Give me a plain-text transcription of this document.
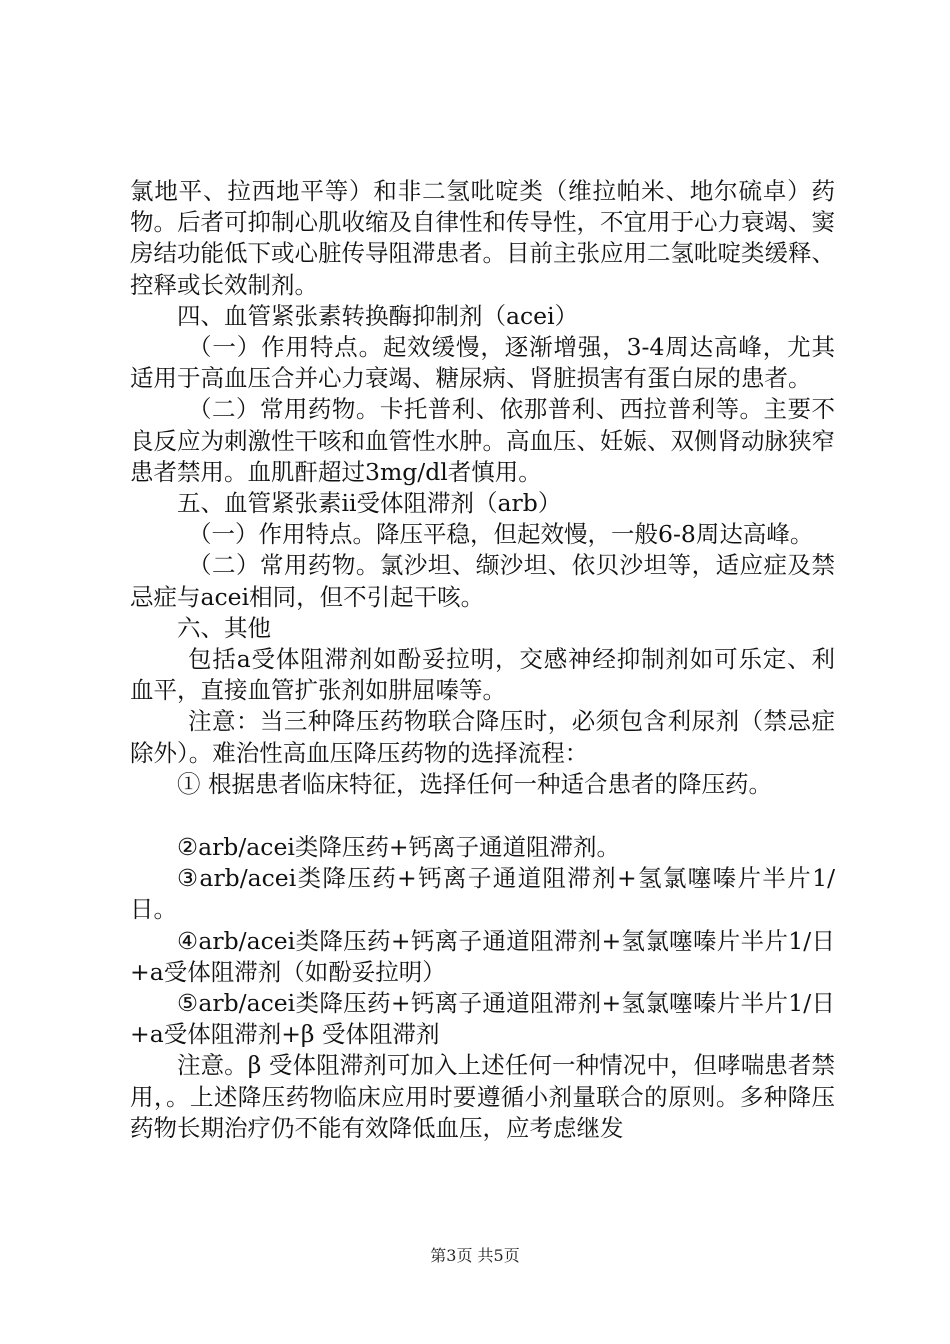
氯地平、拉西地平等）和非二氢吡啶类（维拉帕米、地尔硫卓）药物。后者可抑制心肌收缩及自律性和传导性，不宜用于心力衰竭、窦房结功能低下或心脏传导阻滞患者。目前主张应用二氢吡啶类缓释、控释或长效制剂。

四、血管紧张素转换酶抑制剂（acei）

（一）作用特点。起效缓慢，逐渐增强，3-4周达高峰，尤其适用于高血压合并心力衰竭、糖尿病、肾脏损害有蛋白尿的患者。

（二）常用药物。卡托普利、依那普利、西拉普利等。主要不良反应为刺激性干咳和血管性水肿。高血压、妊娠、双侧肾动脉狭窄患者禁用。血肌酐超过3mg/dl者慎用。

五、血管紧张素ii受体阻滞剂（arb）

（一）作用特点。降压平稳，但起效慢，一般6-8周达高峰。

（二）常用药物。氯沙坦、缬沙坦、依贝沙坦等，适应症及禁忌症与acei相同，但不引起干咳。

六、其他

包括a受体阻滞剂如酚妥拉明，交感神经抑制剂如可乐定、利血平，直接血管扩张剂如肼屈嗪等。

注意：当三种降压药物联合降压时，必须包含利尿剂（禁忌症除外）。难治性高血压降压药物的选择流程：

① 根据患者临床特征，选择任何一种适合患者的降压药。

②arb/acei类降压药+钙离子通道阻滞剂。

③arb/acei类降压药+钙离子通道阻滞剂+氢氯噻嗪片半片1/日。

④arb/acei类降压药+钙离子通道阻滞剂+氢氯噻嗪片半片1/日+a受体阻滞剂（如酚妥拉明）

⑤arb/acei类降压药+钙离子通道阻滞剂+氢氯噻嗪片半片1/日+a受体阻滞剂+β 受体阻滞剂

注意。β 受体阻滞剂可加入上述任何一种情况中，但哮喘患者禁用，。上述降压药物临床应用时要遵循小剂量联合的原则。多种降压药物长期治疗仍不能有效降低血压，应考虑继发

第3页 共5页
